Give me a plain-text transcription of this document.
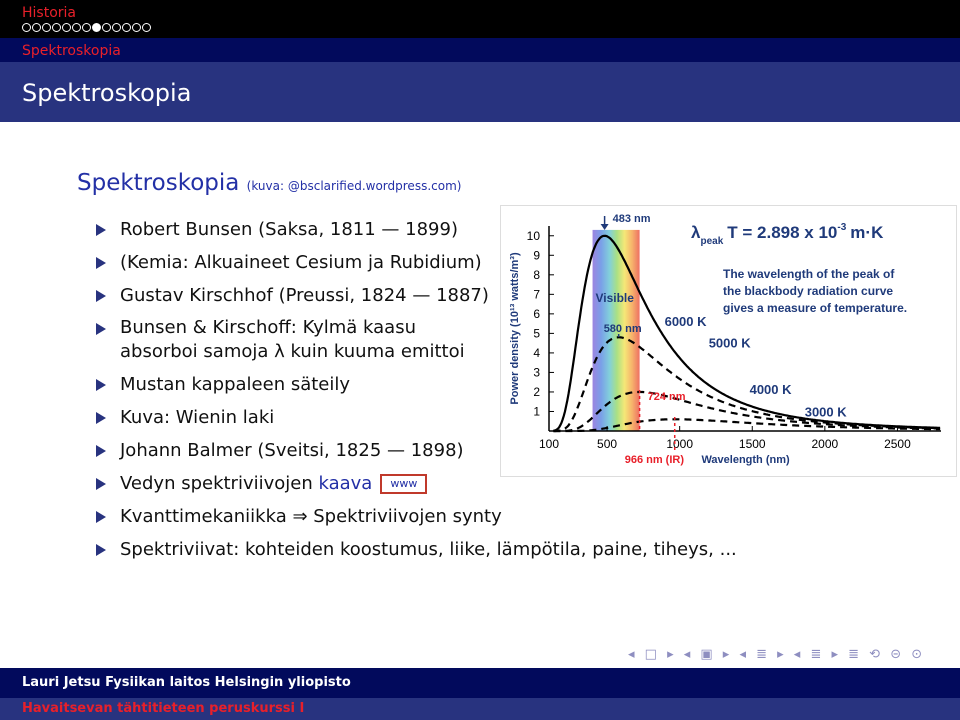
Historia
Spektroskopia
Spektroskopia
Spektroskopia (kuva: @bsclarified.wordpress.com)
Robert Bunsen (Saksa, 1811 — 1899)
(Kemia: Alkuaineet Cesium ja Rubidium)
Gustav Kirschhof (Preussi, 1824 — 1887)
Bunsen & Kirschoff: Kylmä kaasu
absorboi samoja λ kuin kuuma emittoi
Mustan kappaleen säteily
Kuva: Wienin laki
Johann Balmer (Sveitsi, 1825 — 1898)
Vedyn spektriviivojen kaava www
Kvanttimekaniikka ⇒ Spektriviivojen synty
Spektriviivat: kohteiden koostumus, liike, lämpötila, paine, tiheys, ...
100	500	1000	1500	2000	2500
1
2
3
4
5
6
7
8
9
10
6000 K
5000 K
4000 K
3000 K
483 nm
580 nm
724 nm
966 nm (IR)
Visible
Power density (10¹³ watts/m³)
Wavelength (nm)
$\lambda_{peak}$ T = 2.898 x $10^{-3}$ m·K
The wavelength of the peak of the blackbody radiation curve gives a measure of temperature.
◂ □ ▸ ◂ ▣ ▸ ◂ ≣ ▸ ◂ ≣ ▸ ≣ ⟲ ⊝ ⊙
Lauri Jetsu Fysiikan laitos Helsingin yliopisto
Havaitsevan tähtitieteen peruskurssi I
